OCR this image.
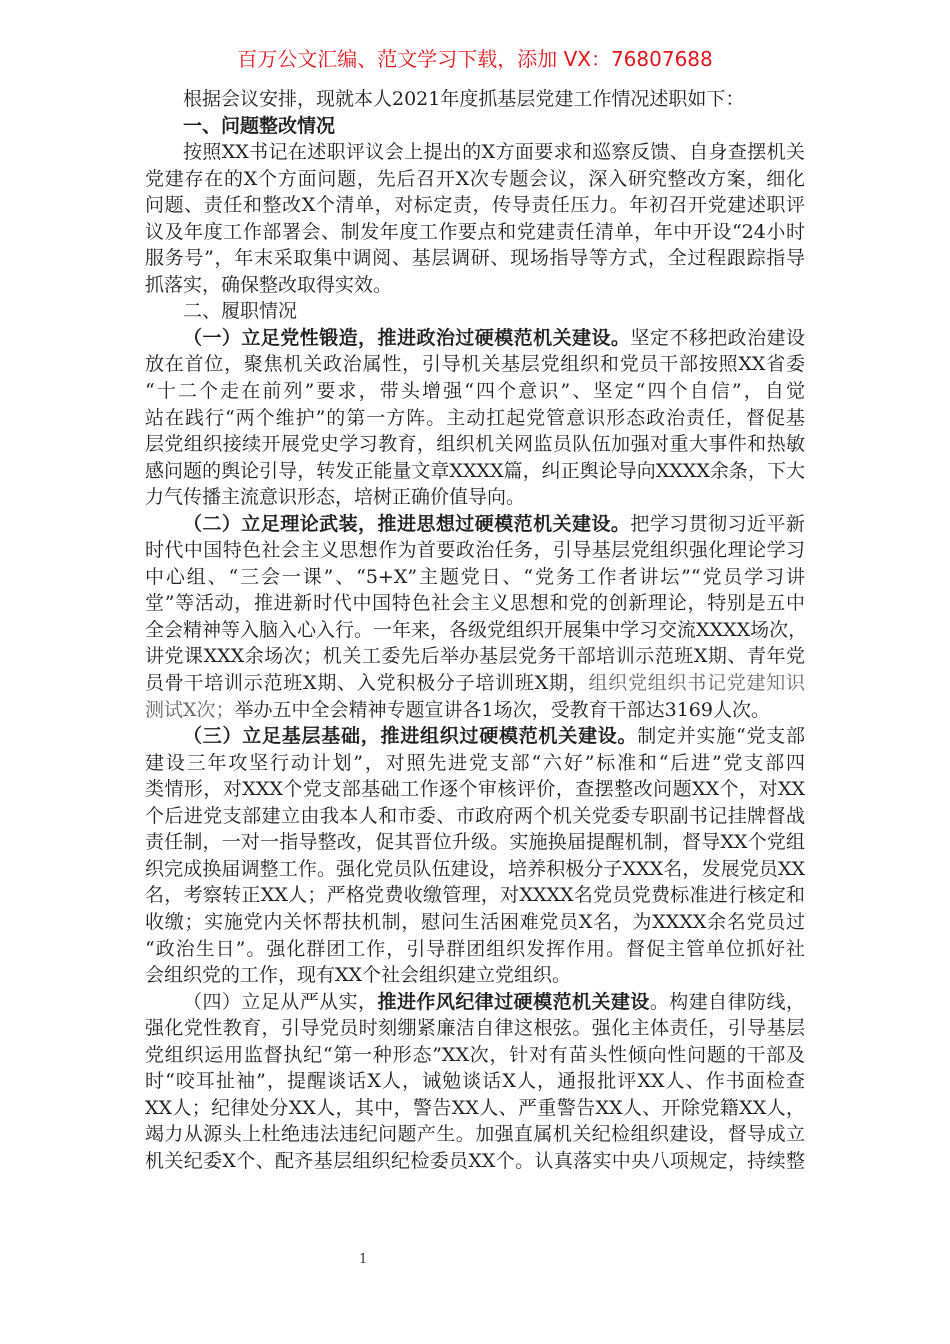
百万公文汇编、范文学习下载，添加 VX：76807688
根据会议安排，现就本人2021年度抓基层党建工作情况述职如下：
一、问题整改情况
按照XX书记在述职评议会上提出的X方面要求和巡察反馈、自身查摆机关
党建存在的X个方面问题，先后召开X次专题会议，深入研究整改方案，细化
问题、责任和整改X个清单，对标定责，传导责任压力。年初召开党建述职评
议及年度工作部署会、制发年度工作要点和党建责任清单，年中开设“24小时
服务号”，年末采取集中调阅、基层调研、现场指导等方式，全过程跟踪指导
抓落实，确保整改取得实效。
二、履职情况
（一）立足党性锻造，推进政治过硬模范机关建设。坚定不移把政治建设
放在首位，聚焦机关政治属性，引导机关基层党组织和党员干部按照XX省委
“十二个走在前列”要求，带头增强“四个意识”、坚定“四个自信”，自觉
站在践行“两个维护”的第一方阵。主动扛起党管意识形态政治责任，督促基
层党组织接续开展党史学习教育，组织机关网监员队伍加强对重大事件和热敏
感问题的舆论引导，转发正能量文章XXXX篇，纠正舆论导向XXXX余条，下大
力气传播主流意识形态，培树正确价值导向。
（二）立足理论武装，推进思想过硬模范机关建设。把学习贯彻习近平新
时代中国特色社会主义思想作为首要政治任务，引导基层党组织强化理论学习
中心组、“三会一课”、“5+X”主题党日、“党务工作者讲坛”“党员学习讲
堂”等活动，推进新时代中国特色社会主义思想和党的创新理论，特别是五中
全会精神等入脑入心入行。一年来，各级党组织开展集中学习交流XXXX场次，
讲党课XXX余场次；机关工委先后举办基层党务干部培训示范班X期、青年党
员骨干培训示范班X期、入党积极分子培训班X期，组织党组织书记党建知识
测试X次；举办五中全会精神专题宣讲各1场次，受教育干部达3169人次。
（三）立足基层基础，推进组织过硬模范机关建设。制定并实施“党支部
建设三年攻坚行动计划”，对照先进党支部“六好”标准和“后进”党支部四
类情形，对XXX个党支部基础工作逐个审核评价，查摆整改问题XX个，对XX
个后进党支部建立由我本人和市委、市政府两个机关党委专职副书记挂牌督战
责任制，一对一指导整改，促其晋位升级。实施换届提醒机制，督导XX个党组
织完成换届调整工作。强化党员队伍建设，培养积极分子XXX名，发展党员XX
名，考察转正XX人；严格党费收缴管理，对XXXX名党员党费标准进行核定和
收缴；实施党内关怀帮扶机制，慰问生活困难党员X名，为XXXX余名党员过
“政治生日”。强化群团工作，引导群团组织发挥作用。督促主管单位抓好社
会组织党的工作，现有XX个社会组织建立党组织。
（四）立足从严从实，推进作风纪律过硬模范机关建设。构建自律防线，
强化党性教育，引导党员时刻绷紧廉洁自律这根弦。强化主体责任，引导基层
党组织运用监督执纪“第一种形态”XX次，针对有苗头性倾向性问题的干部及
时“咬耳扯袖”，提醒谈话X人，诫勉谈话X人，通报批评XX人、作书面检查
XX人；纪律处分XX人，其中，警告XX人、严重警告XX人、开除党籍XX人，
竭力从源头上杜绝违法违纪问题产生。加强直属机关纪检组织建设，督导成立
机关纪委X个、配齐基层组织纪检委员XX个。认真落实中央八项规定，持续整
1
